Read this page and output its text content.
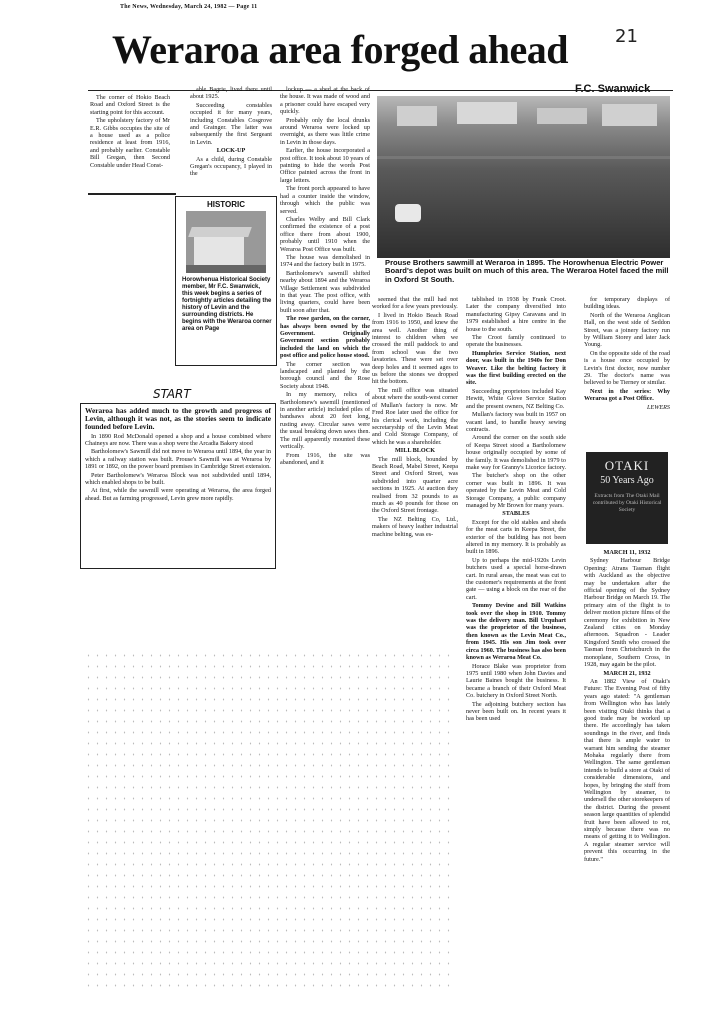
The News, Wednesday, March 24, 1982 — Page 11
21
Weraroa area forged ahead
F.C. Swanwick

The corner of Hokio Beach Road and Oxford Street is the starting point for this account.

The upholstery factory of Mr E.R. Gibbs occupies the site of a house used as a police residence at least from 1916, and probably earlier. Constable Bill Gregan, then Second Constable under Head Const-

able Bagrie, lived there until about 1925.

Succeeding constables occupied it for many years, including Constables Cosgrove and Grainger. The latter was subsequently the first Sergeant in Levin.

LOCK-UP

As a child, during Constable Gregan's occupancy, I played in the

HISTORIC
Horowhenua Historical Society member, Mr F.C. Swanwick, this week begins a series of fortnightly articles detailing the history of Levin and the surrounding districts. He begins with the Weraroa corner area on Page

lockup — a shed at the back of the house. It was made of wood and a prisoner could have escaped very quickly.

Probably only the local drunks around Weraroa were locked up overnight, as there was little crime in Levin in those days.

Earlier, the house incorporated a post office. It took about 10 years of painting to hide the words Post Office painted across the front in large letters.

The front porch appeared to have had a counter inside the window, through which the public was served.

Charles Welby and Bill Clark confirmed the existence of a post office there from about 1900, probably until 1910 when the Weraroa Post Office was built.

The house was demolished in 1974 and the factory built in 1975.

Bartholomew's sawmill shifted nearby about 1894 and the Weraroa Village Settlement was subdivided in that year. The post office, with living quarters, could have been built soon after that.

The rose garden, on the corner, has always been owned by the Government. Originally Government section probably included the land on which the post office and police house stood.

The corner section was landscaped and planted by the borough council and the Rose Society about 1948.

In my memory, relics of Bartholomew's sawmill (mentioned in another article) included piles of bandsaws about 20 feet long, rusting away. Circular saws were the usual breaking down saws then. The mill apparently mounted these vertically.

From 1916, the site was abandoned, and it

Prouse Brothers sawmill at Weraroa in 1895. The Horowhenua Electric Power Board's depot was built on much of this area. The Weraroa Hotel faced the mill in Oxford St South.
START

Weraroa has added much to the growth and progress of Levin, although it was not, as the stories seem to indicate founded before Levin.

In 1890 Rod McDonald opened a shop and a house combined where Chaineys are now. There was a shop were the Arcadia Bakery stood

Bartholomew's Sawmill did not move to Weraroa until 1894, the year in which a railway station was built. Prouse's Sawmill was at Weraroa by 1891 or 1892, on the power board premises in Cambridge Street extension.

Peter Bartholomew's Weraroa Block was not subdivided until 1894, which enabled shops to be built.

At first, while the sawmill were operating at Weraroa, the area forged ahead. But as farming progressed, Levin grew more rapidly.

seemed that the mill had not worked for a few years previously.

I lived in Hokio Beach Road from 1916 to 1950, and knew the area well. Another thing of interest to children when we crossed the mill paddock to and from school was the two lavatories. These were set over deep holes and it seemed ages to us before the stones we dropped hit the bottom.

The mill office was situated about where the south-west corner of Mullan's factory is now. Mr Fred Roe later used the office for his clerical work, including the secretaryship of the Levin Meat and Cold Storage Company, of which he was a shareholder.

MILL BLOCK

The mill block, bounded by Beach Road, Mabel Street, Keepa Street and Oxford Street, was subdivided into quarter acre sections in 1925. At auction they realised from 32 pounds to as much as 40 pounds for those on the Oxford Street frontage.

The NZ Belting Co, Ltd., makers of heavy leather industrial machine belting, was es-

tablished in 1938 by Frank Croot. Later the company diversified into manufacturing Gipsy Caravans and in 1979 established a hire centre in the house to the south.

The Croot family continued to operate the businesses.

Humphries Service Station, next door, was built in the 1940s for Don Weaver. Like the belting factory it was the first building erected on the site.

Succeeding proprietors included Kay Hewitt, White Glove Service Station and the present owners, NZ Belting Co.

Mullan's factory was built in 1957 on vacant land, to handle heavy sewing contracts.

Around the corner on the south side of Keepa Street stood a Bartholomew house originally occupied by some of the family. It was demolished in 1979 to make way for Granny's Licorice factory.

The butcher's shop on the other corner was built in 1896. It was operated by the Levin Meat and Cold Storage Company, a public company managed by Mr Brown for many years.

STABLES

Except for the old stables and sheds for the meat carts in Keepa Street, the exterior of the building has not been altered in my memory. It is probably as built in 1896.

Up to perhaps the mid-1920s Levin butchers used a special horse-drawn cart. In rural areas, the meat was cut to the customer's requirements at the front gate — using a block on the rear of the cart.

Tommy Devine and Bill Watkins took over the shop in 1910. Tommy was the delivery man. Bill Urquhart was the proprietor of the business, then known as the Levin Meat Co., from 1945. His son Jim took over circa 1960. The business has also been known as Weraroa Meat Co.

Horace Blake was proprietor from 1975 until 1980 when John Davies and Laurie Baines bought the business. It became a branch of their Oxford Meat Co. butchery in Oxford Street North.

The adjoining butchery section has never been built on. In recent years it has been used

for temporary displays of building ideas.

North of the Weraroa Anglican Hall, on the west side of Seddon Street, was a joinery factory run by William Storey and later Jack Young.

On the opposite side of the road is a house once occupied by Levin's first doctor, now number 29. The doctor's name was believed to be Tierney or similar.

Next in the series: Why Weraroa got a Post Office.

LEWERS

OTAKI
50 Years Ago
Extracts from The Otaki Mail contributed by Otaki Historical Society

MARCH 11, 1932

Sydney Harbour Bridge Opening: Atrans Tasman flight with Auckland as the objective may be undertaken after the official opening of the Sydney Harbour Bridge on March 19. The primary aim of the flight is to deliver motion picture films of the ceremony for exhibition in New Zealand cities on Monday afternoon. Squadron - Leader Kingsford Smith who crossed the Tasman from Christchurch in the monoplane, Southern Cross, in 1928, may again be the pilot.

MARCH 21, 1932

An 1882 View of Otaki's Future: The Evening Post of fifty years ago stated: "A gentleman from Wellington who has lately been visiting Otaki thinks that a good trade may be worked up there. He accordingly has taken soundings in the river, and finds that there is ample water to warrant him sending the steamer Mohaka regularly there from Wellington. The same gentleman intends to build a store at Otaki of considerable dimensions, and hopes, by bringing the stuff from Wellington by steamer, to undersell the other storekeepers of the district. During the present season large quantities of splendid fruit have been allowed to rot, simply because there was no means of getting it to Wellington. A regular steamer service will prevent this occurring in the future."
